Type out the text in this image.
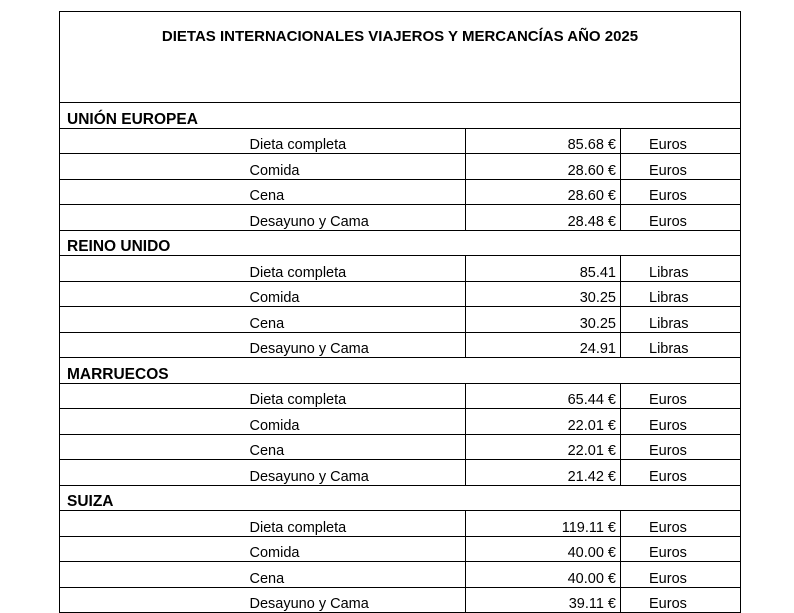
DIETAS INTERNACIONALES VIAJEROS Y MERCANCÍAS AÑO 2025			
UNIÓN EUROPEA			
	Dieta completa	85.68 €	Euros
	Comida	28.60 €	Euros
	Cena	28.60 €	Euros
	Desayuno y Cama	28.48 €	Euros
REINO UNIDO			
	Dieta completa	85.41	Libras
	Comida	30.25	Libras
	Cena	30.25	Libras
	Desayuno y Cama	24.91	Libras
MARRUECOS			
	Dieta completa	65.44 €	Euros
	Comida	22.01 €	Euros
	Cena	22.01 €	Euros
	Desayuno y Cama	21.42 €	Euros
SUIZA			
	Dieta completa	119.11 €	Euros
	Comida	40.00 €	Euros
	Cena	40.00 €	Euros
	Desayuno y Cama	39.11 €	Euros
